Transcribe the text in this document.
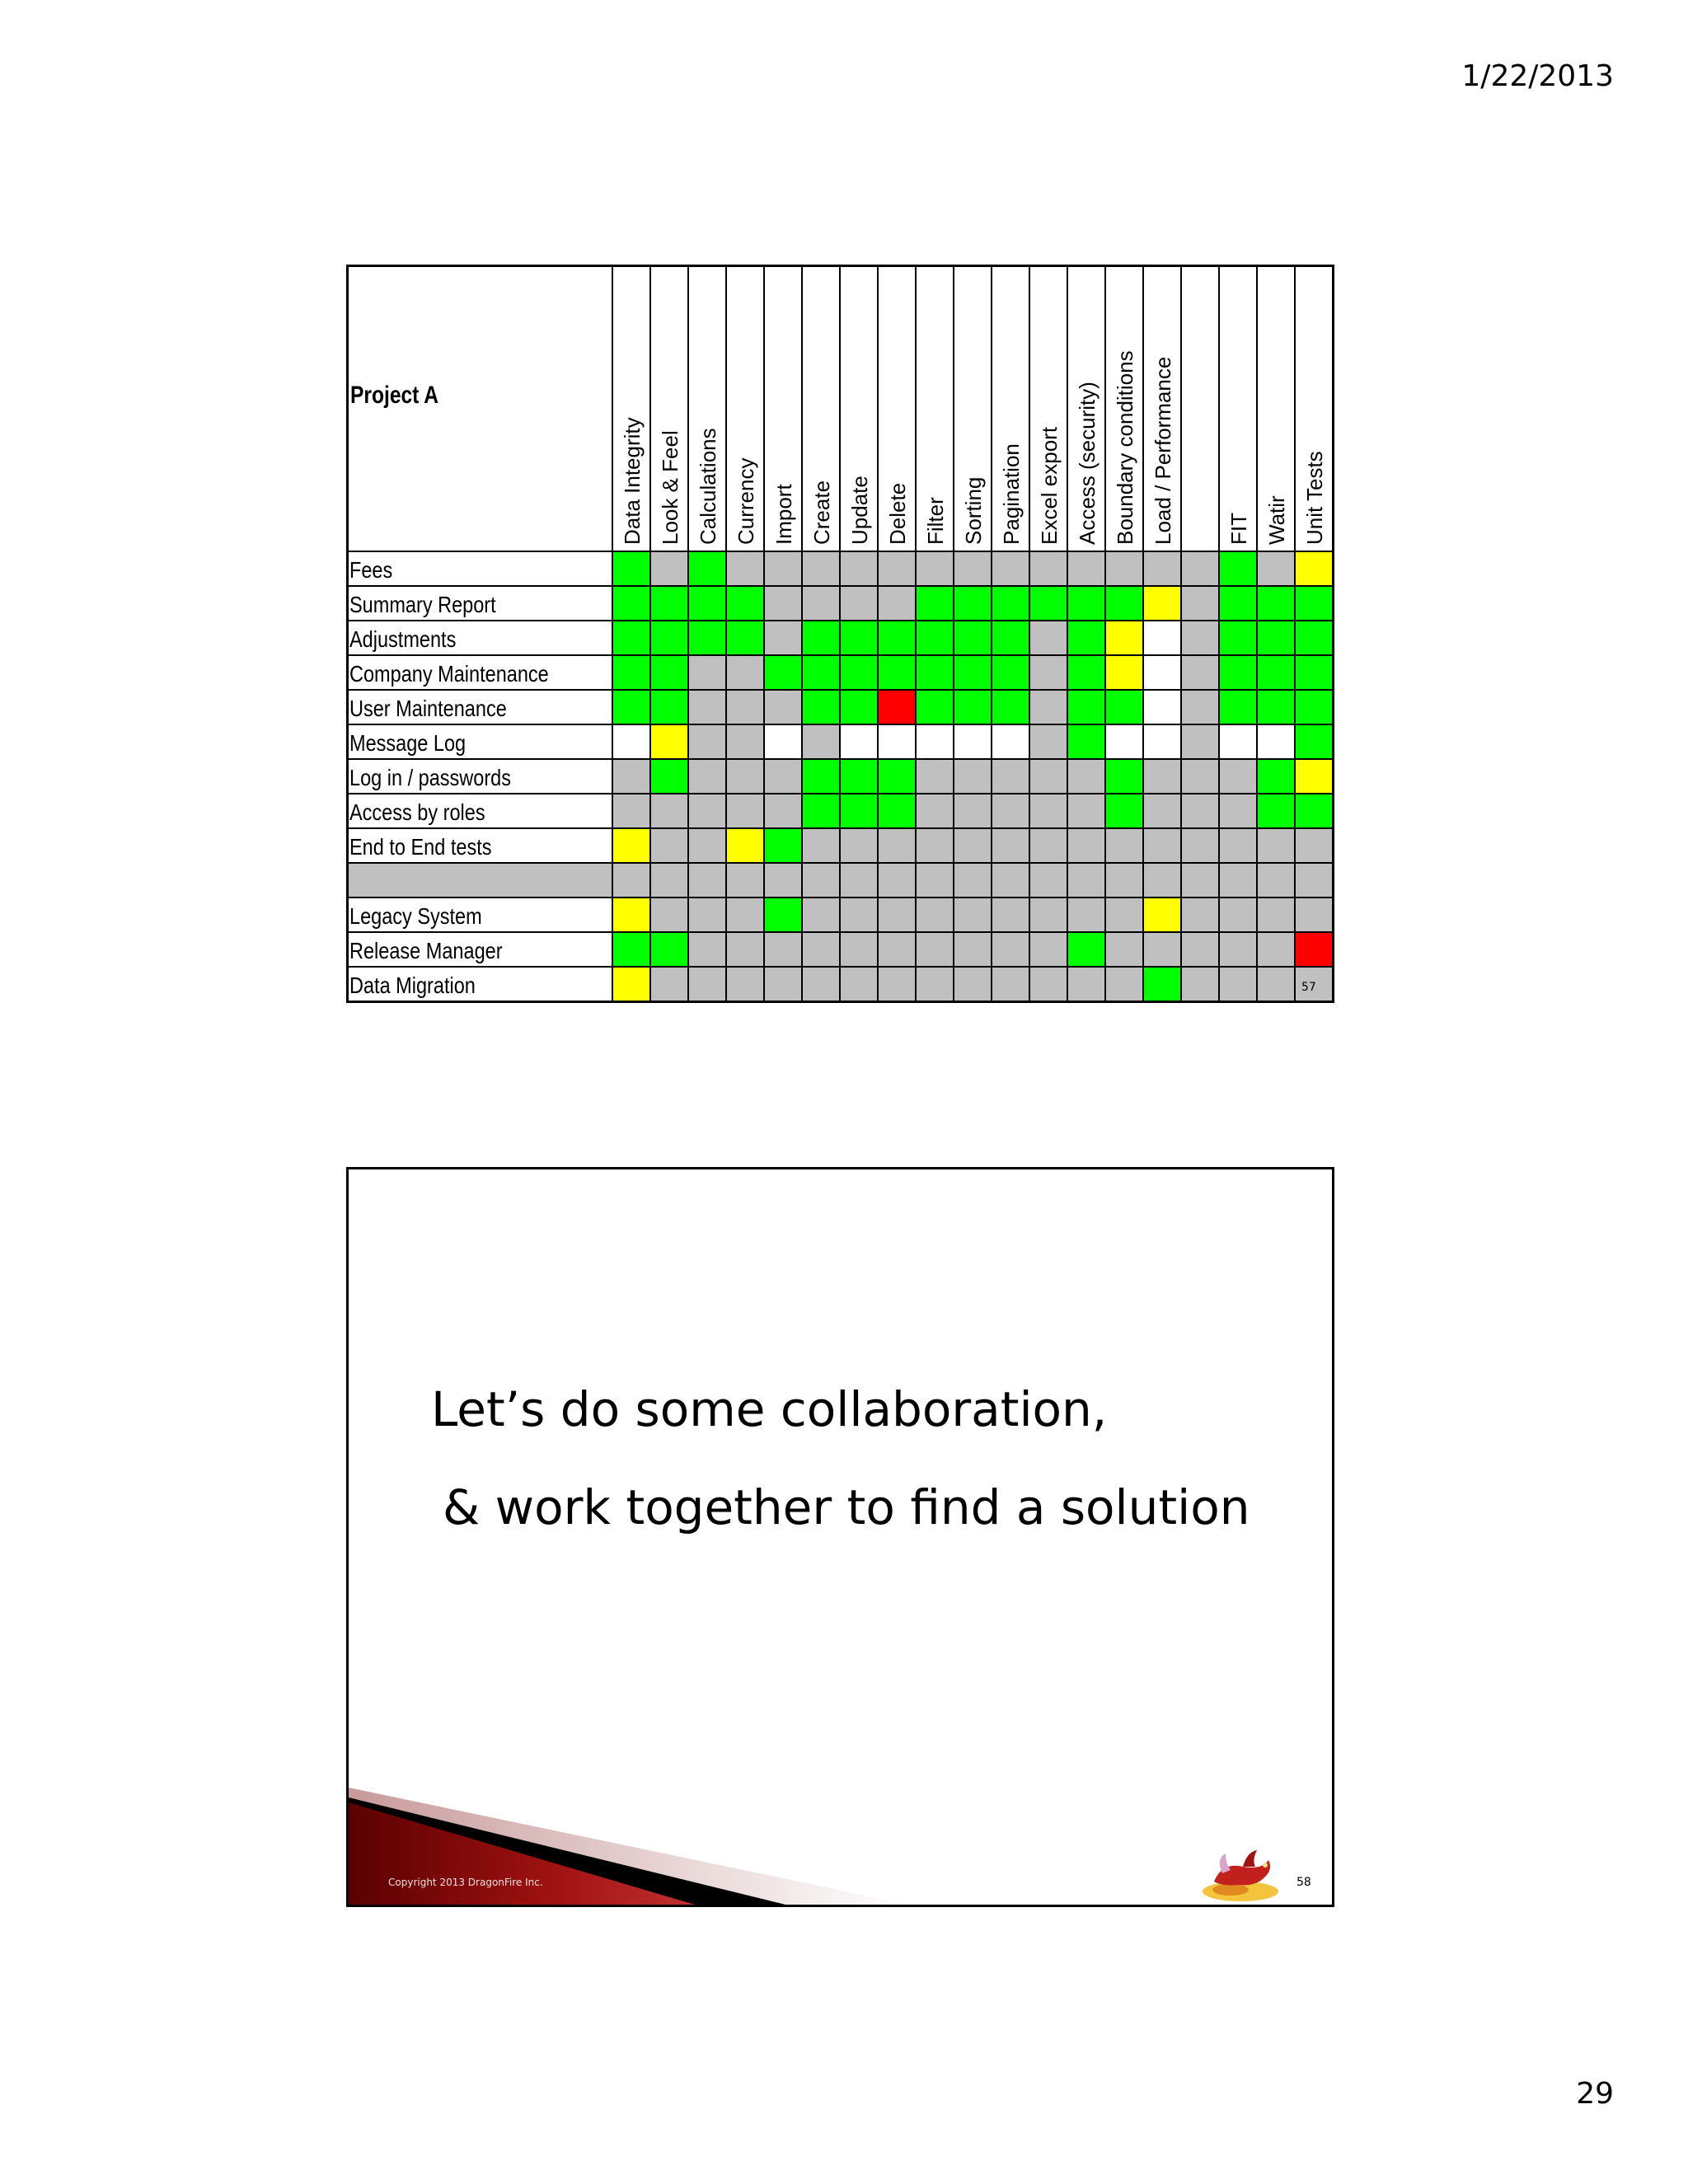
1/22/2013
Project A
Data Integrity Look & Feel Calculations Currency Import Create Update Delete Filter Sorting Pagination Excel export Access (security) Boundary conditions Load / Performance FIT Watir Unit Tests
Fees
Summary Report
Adjustments
Company Maintenance
User Maintenance
Message Log
Log in / passwords
Access by roles
End to End tests
Legacy System
Release Manager
Data Migration	57
Let’s do some collaboration,
& work together to find a solution
Copyright 2013 DragonFire Inc.	58
29
